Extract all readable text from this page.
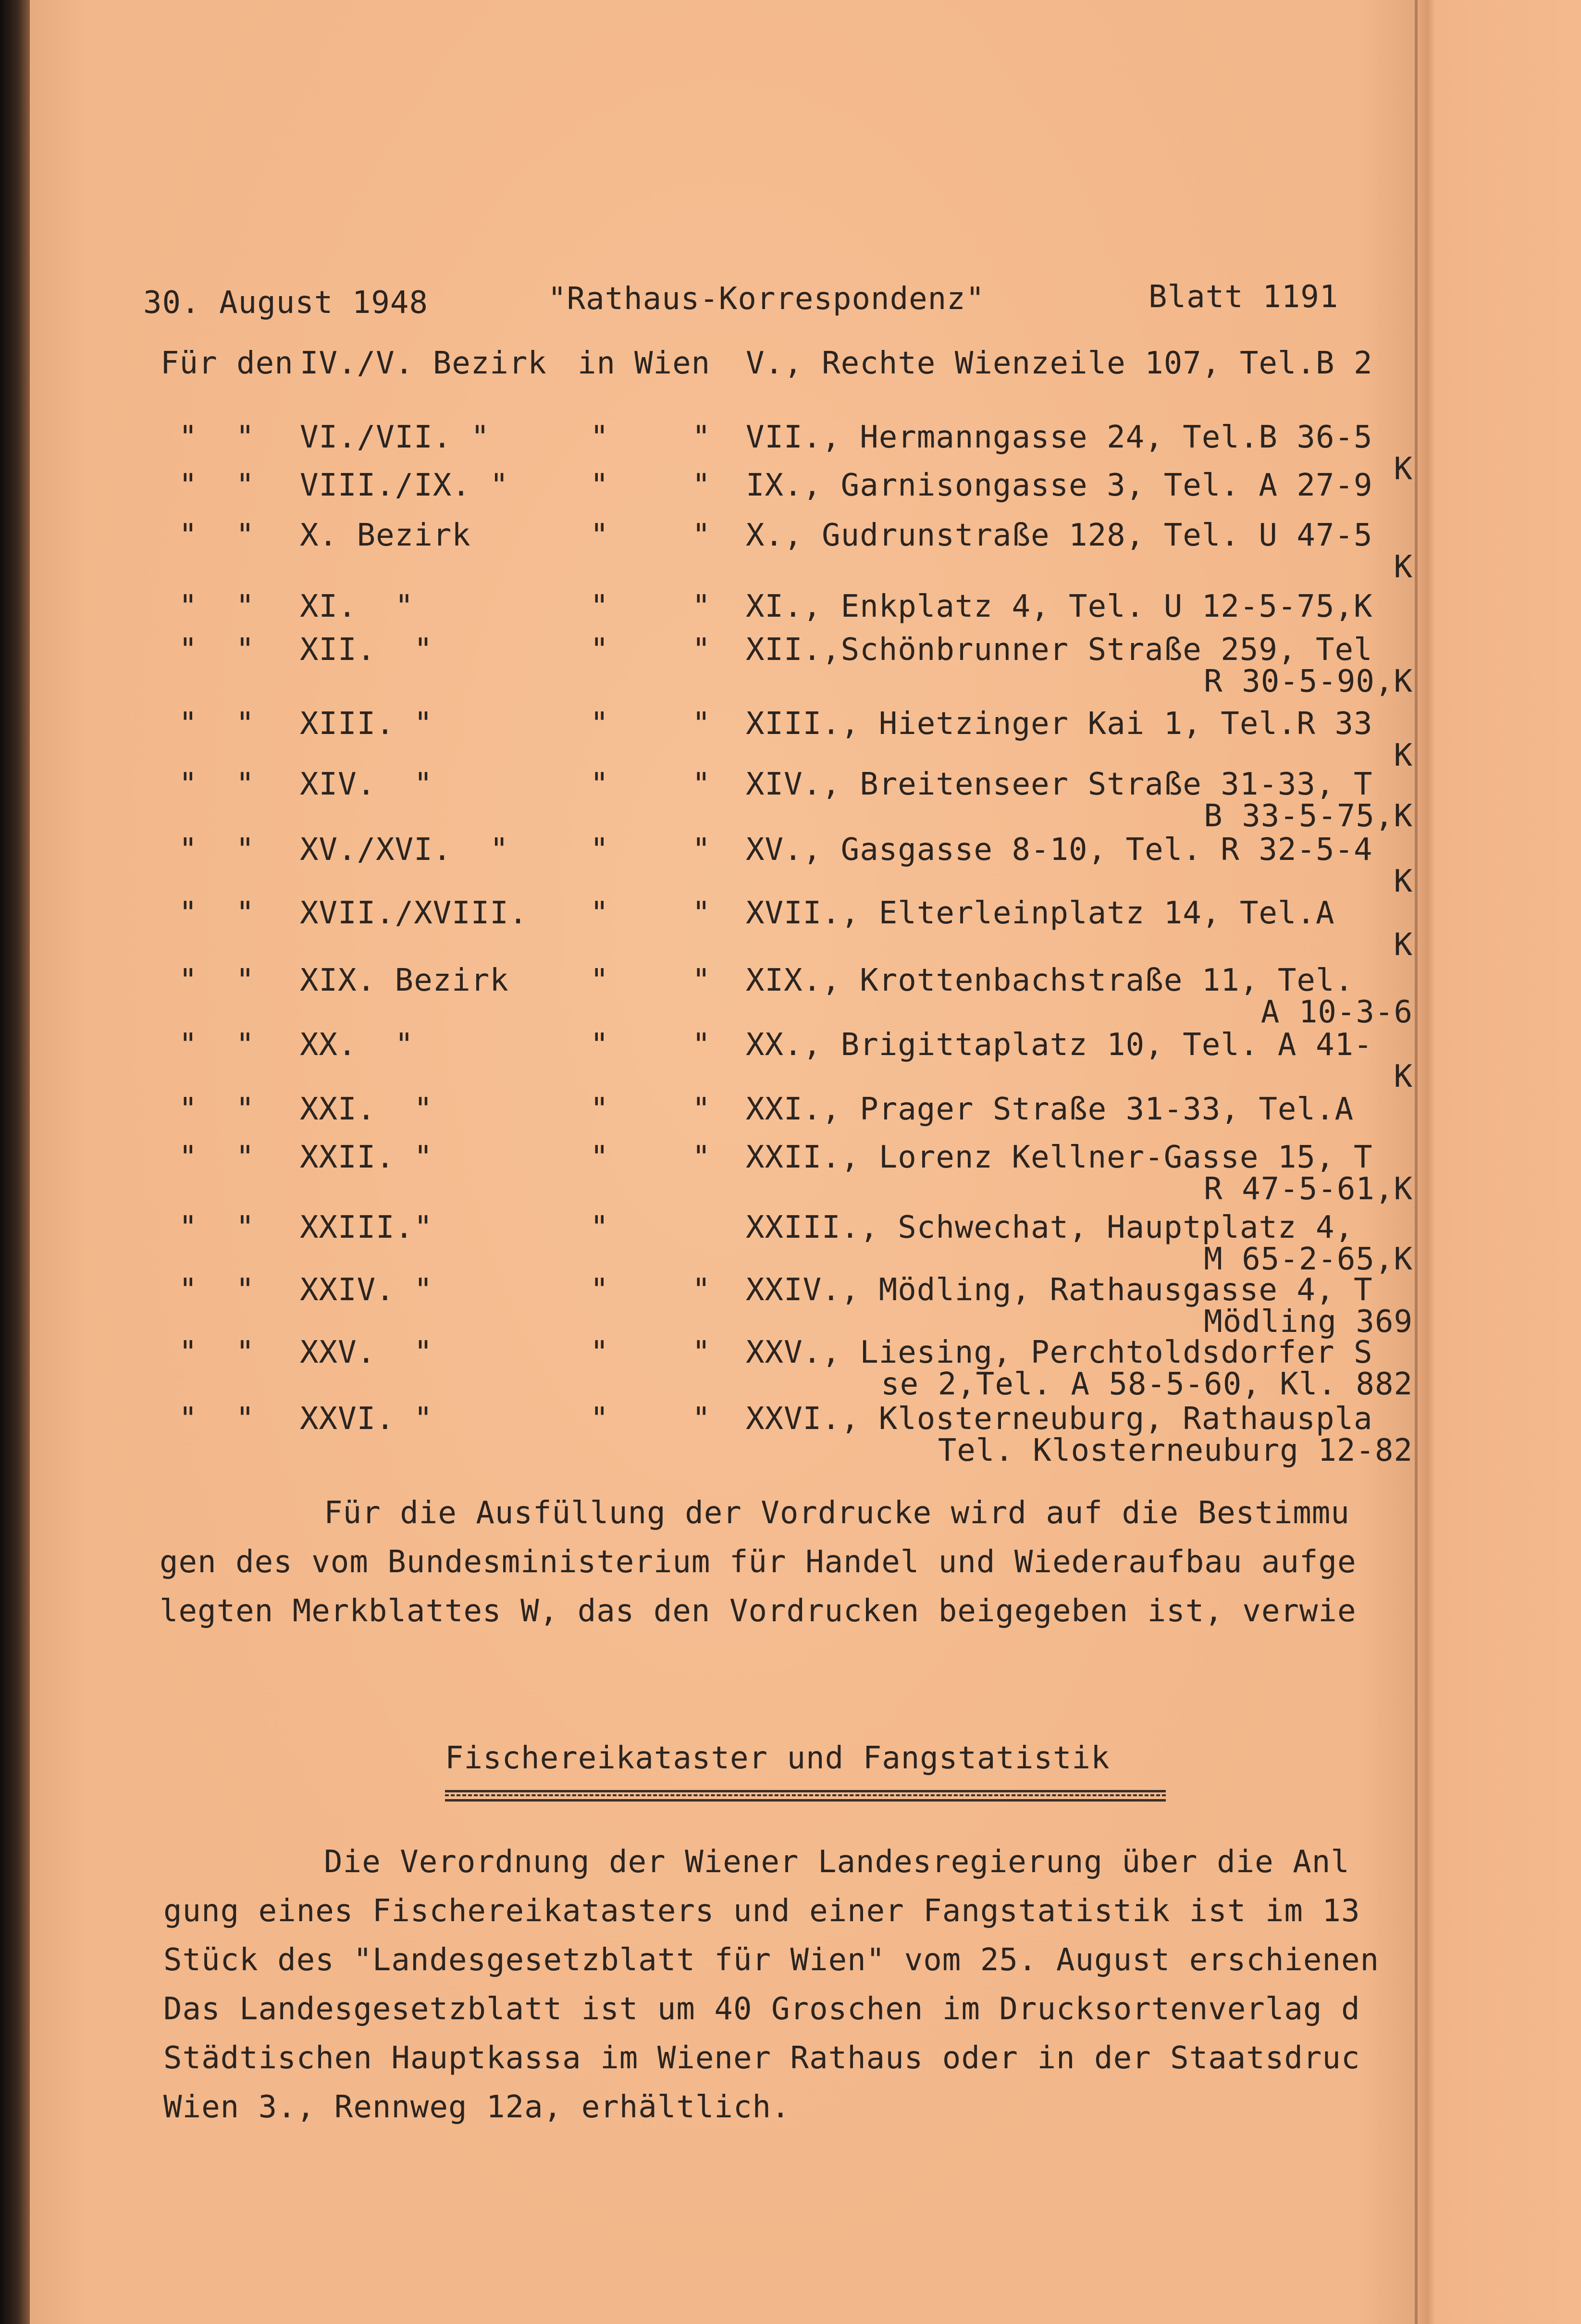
30. August 1948	"Rathaus-Korrespondenz"	Blatt 1191
Für die Ausfüllung der Vordrucke wird auf die Bestimmu
gen des vom Bundesministerium für Handel und Wiederaufbau aufge
legten Merkblattes W, das den Vordrucken beigegeben ist, verwie
Fischereikataster und Fangstatistik
Die Verordnung der Wiener Landesregierung über die Anl
gung eines Fischereikatasters und einer Fangstatistik ist im 13
Stück des "Landesgesetzblatt für Wien" vom 25. August erschienen
Das Landesgesetzblatt ist um 40 Groschen im Drucksortenverlag d
Städtischen Hauptkassa im Wiener Rathaus oder in der Staatsdruc
Wien 3., Rennweg 12a, erhältlich.
Für den IV./V. Bezirk in Wien V., Rechte Wienzeile 107, Tel.B 2
"  " VI./VII. "	"	" VII., Hermanngasse 24, Tel.B 36-5
K
"  " VIII./IX. "	"	" IX., Garnisongasse 3, Tel. A 27-9
"  " X. Bezirk	"	" X., Gudrunstraße 128, Tel. U 47-5
K
"  " XI.  "	"	" XI., Enkplatz 4, Tel. U 12-5-75,K
"  " XII.  "	"	" XII.,Schönbrunner Straße 259, Tel
R 30-5-90,K
"  " XIII. "	"	" XIII., Hietzinger Kai 1, Tel.R 33
K
"  " XIV.  "	"	" XIV., Breitenseer Straße 31-33, T
B 33-5-75,K
"  " XV./XVI.  "	"	" XV., Gasgasse 8-10, Tel. R 32-5-4
K
"  " XVII./XVIII. "	" XVII., Elterleinplatz 14, Tel.A
K
"  " XIX. Bezirk	"	" XIX., Krottenbachstraße 11, Tel.
A 10-3-6
"  " XX.  "	"	" XX., Brigittaplatz 10, Tel. A 41-
K
"  " XXI.  "	"	" XXI., Prager Straße 31-33, Tel.A
"  " XXII. "	"	" XXII., Lorenz Kellner-Gasse 15, T
R 47-5-61,K
"  " XXIII."	"	XXIII., Schwechat, Hauptplatz 4,
M 65-2-65,K
"  " XXIV. "	"	" XXIV., Mödling, Rathausgasse 4, T
Mödling 369
"  " XXV.  "	"	" XXV., Liesing, Perchtoldsdorfer S
se 2,Tel. A 58-5-60, Kl. 882
"  " XXVI. "	"	" XXVI., Klosterneuburg, Rathauspla
Tel. Klosterneuburg 12-82
